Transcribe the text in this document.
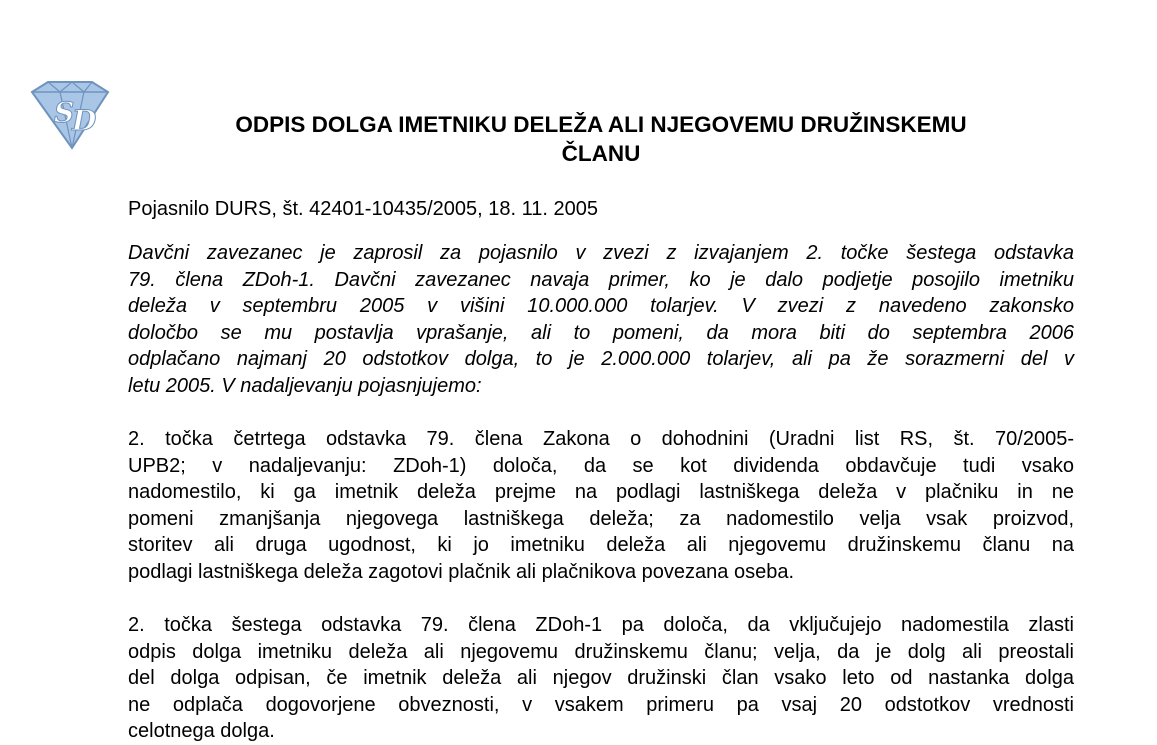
S
D	ODPIS DOLGA IMETNIKU DELEŽA ALI NJEGOVEMU DRUŽINSKEMU
ČLANU

Pojasnilo DURS, št. 42401-10435/2005, 18. 11. 2005

Davčni zavezanec je zaprosil za pojasnilo v zvezi z izvajanjem 2. točke šestega odstavka
79. člena ZDoh-1. Davčni zavezanec navaja primer, ko je dalo podjetje posojilo imetniku
deleža v septembru 2005 v višini 10.000.000 tolarjev. V zvezi z navedeno zakonsko
določbo se mu postavlja vprašanje, ali to pomeni, da mora biti do septembra 2006
odplačano najmanj 20 odstotkov dolga, to je 2.000.000 tolarjev, ali pa že sorazmerni del v
letu 2005. V nadaljevanju pojasnjujemo:

2. točka četrtega odstavka 79. člena Zakona o dohodnini (Uradni list RS, št. 70/2005-
UPB2; v nadaljevanju: ZDoh-1) določa, da se kot dividenda obdavčuje tudi vsako
nadomestilo, ki ga imetnik deleža prejme na podlagi lastniškega deleža v plačniku in ne
pomeni zmanjšanja njegovega lastniškega deleža; za nadomestilo velja vsak proizvod,
storitev ali druga ugodnost, ki jo imetniku deleža ali njegovemu družinskemu članu na
podlagi lastniškega deleža zagotovi plačnik ali plačnikova povezana oseba.

2. točka šestega odstavka 79. člena ZDoh-1 pa določa, da vključujejo nadomestila zlasti
odpis dolga imetniku deleža ali njegovemu družinskemu članu; velja, da je dolg ali preostali
del dolga odpisan, če imetnik deleža ali njegov družinski član vsako leto od nastanka dolga
ne odplača dogovorjene obveznosti, v vsakem primeru pa vsaj 20 odstotkov vrednosti
celotnega dolga.
